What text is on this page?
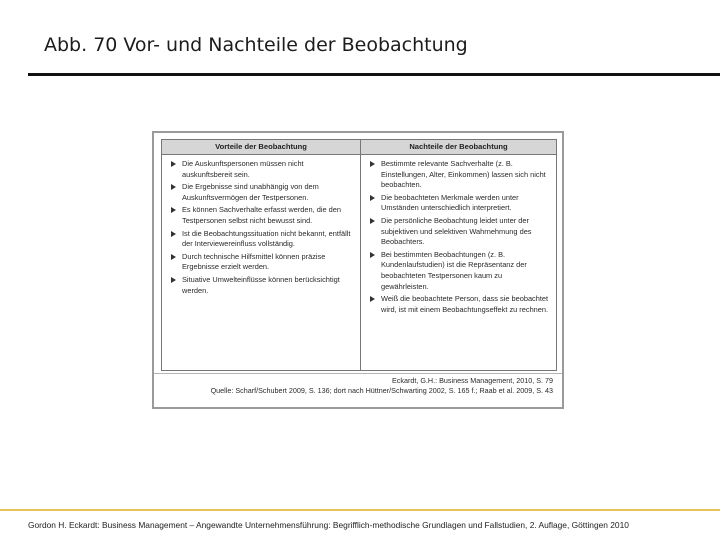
Abb. 70 Vor- und Nachteile der Beobachtung
Vorteile der Beobachtung	Nachteile der Beobachtung
Die Auskunftspersonen müssen nicht auskunftsbereit sein.
Die Ergebnisse sind unabhängig von dem Auskunftsvermögen der Testpersonen.
Es können Sachverhalte erfasst werden, die den Testpersonen selbst nicht bewusst sind.
Ist die Beobachtungssituation nicht bekannt, entfällt der Interviewereinfluss vollständig.
Durch technische Hilfsmittel können präzise Ergebnisse erzielt werden.
Situative Umwelteinflüsse können berücksichtigt werden.
Bestimmte relevante Sachverhalte (z. B. Einstellungen, Alter, Einkommen) lassen sich nicht beobachten.
Die beobachteten Merkmale werden unter Umständen unterschiedlich interpretiert.
Die persönliche Beobachtung leidet unter der subjektiven und selektiven Wahrnehmung des Beobachters.
Bei bestimmten Beobachtungen (z. B. Kundenlaufstudien) ist die Repräsentanz der beobachteten Testpersonen kaum zu gewährleisten.
Weiß die beobachtete Person, dass sie beobachtet wird, ist mit einem Beobachtungseffekt zu rechnen.
Eckardt, G.H.: Business Management, 2010, S. 79
Quelle: Scharf/Schubert 2009, S. 136; dort nach Hüttner/Schwarting 2002, S. 165 f.; Raab et al. 2009, S. 43
Gordon H. Eckardt: Business Management – Angewandte Unternehmensführung: Begrifflich-methodische Grundlagen und Fallstudien, 2. Auflage, Göttingen 2010
